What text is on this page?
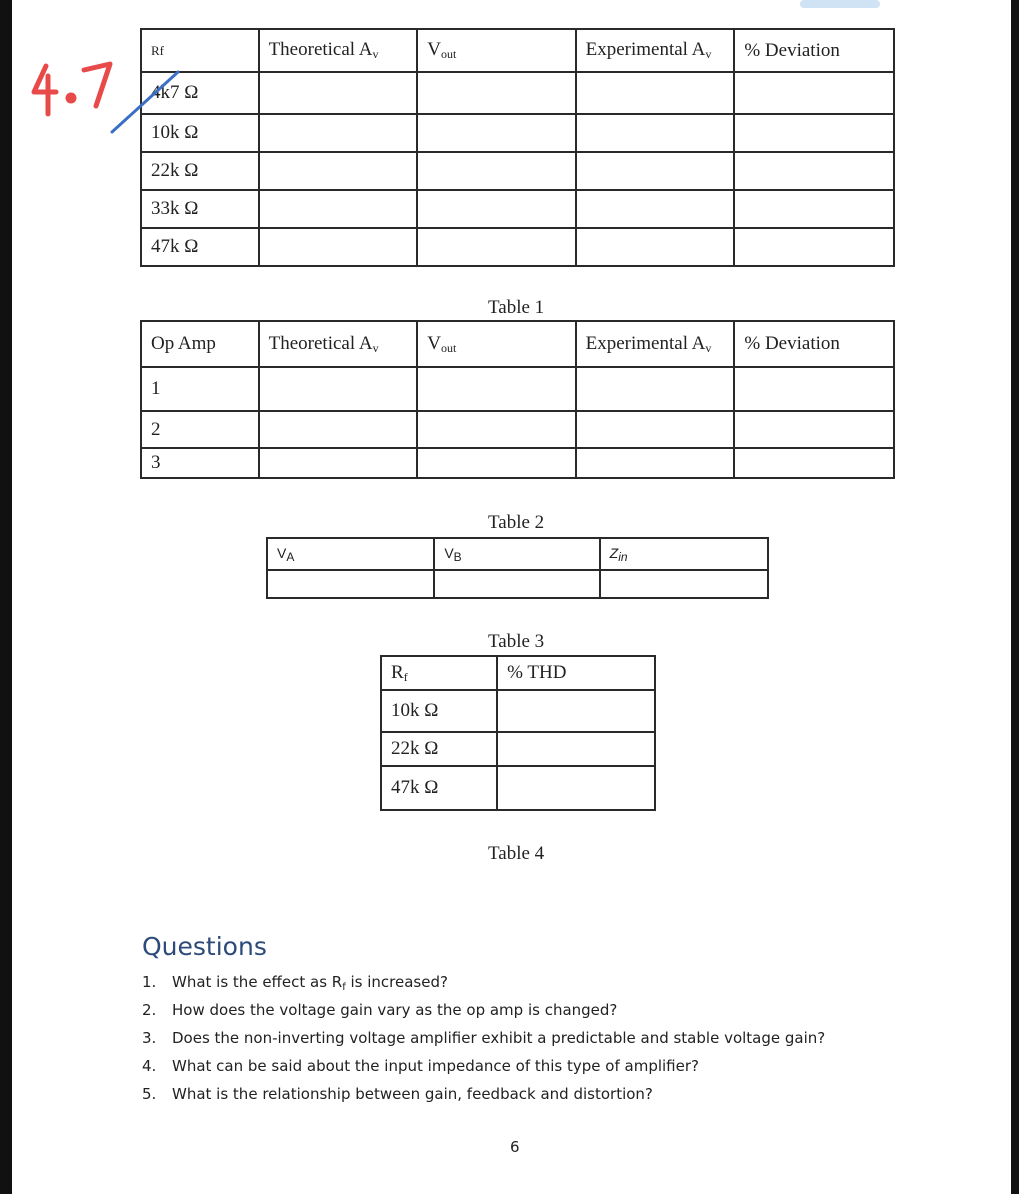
Rf	Theoretical $A_v$	$V_{out}$	Experimental $A_v$	% Deviation
4k7 Ω				
10k Ω				
22k Ω				
33k Ω				
47k Ω				
Table 1
Op Amp	Theoretical $A_v$	$V_{out}$	Experimental $A_v$	% Deviation
1				
2				
3				
Table 2
$V_A$	$V_B$	$Z_{in}$

Table 3
$R_f$	% THD
10k Ω	
22k Ω	
47k Ω	
Table 4
Questions
1. What is the effect as $R_f$ is increased?
2. How does the voltage gain vary as the op amp is changed?
3. Does the non-inverting voltage amplifier exhibit a predictable and stable voltage gain?
4. What can be said about the input impedance of this type of amplifier?
5. What is the relationship between gain, feedback and distortion?
6
